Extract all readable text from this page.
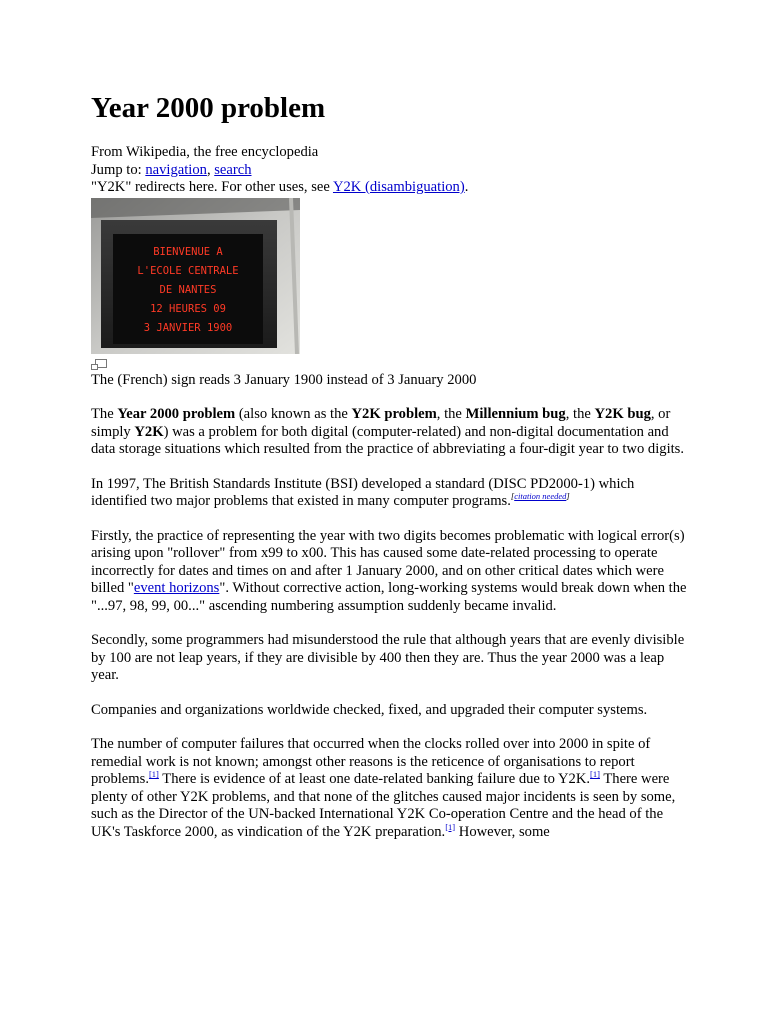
Year 2000 problem
From Wikipedia, the free encyclopedia
Jump to: navigation, search
"Y2K" redirects here. For other uses, see Y2K (disambiguation).
BIENVENUE A
L'ECOLE CENTRALE
DE NANTES
12 HEURES 09
3 JANVIER 1900
The (French) sign reads 3 January 1900 instead of 3 January 2000

The Year 2000 problem (also known as the Y2K problem, the Millennium bug, the Y2K bug, or simply Y2K) was a problem for both digital (computer-related) and non-digital documentation and data storage situations which resulted from the practice of abbreviating a four-digit year to two digits.

In 1997, The British Standards Institute (BSI) developed a standard (DISC PD2000-1) which identified two major problems that existed in many computer programs.[citation needed]

Firstly, the practice of representing the year with two digits becomes problematic with logical error(s) arising upon "rollover" from x99 to x00. This has caused some date-related processing to operate incorrectly for dates and times on and after 1 January 2000, and on other critical dates which were billed "event horizons". Without corrective action, long-working systems would break down when the "...97, 98, 99, 00..." ascending numbering assumption suddenly became invalid.

Secondly, some programmers had misunderstood the rule that although years that are evenly divisible by 100 are not leap years, if they are divisible by 400 then they are. Thus the year 2000 was a leap year.

Companies and organizations worldwide checked, fixed, and upgraded their computer systems.

The number of computer failures that occurred when the clocks rolled over into 2000 in spite of remedial work is not known; amongst other reasons is the reticence of organisations to report problems.[1] There is evidence of at least one date-related banking failure due to Y2K.[1] There were plenty of other Y2K problems, and that none of the glitches caused major incidents is seen by some, such as the Director of the UN-backed International Y2K Co-operation Centre and the head of the UK's Taskforce 2000, as vindication of the Y2K preparation.[1] However, some
